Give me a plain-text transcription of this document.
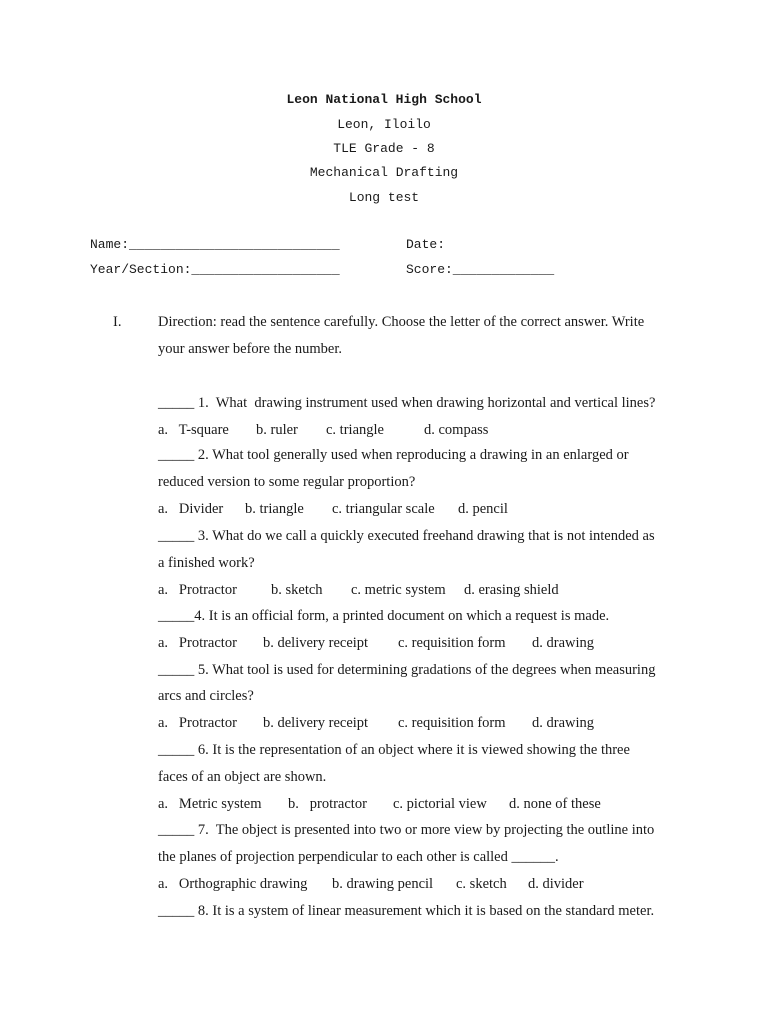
Leon National High School
Leon, Iloilo
TLE Grade - 8
Mechanical Drafting
Long test
Name:___________________________	Date:
Year/Section:___________________	Score:_____________
I.	Direction: read the sentence carefully. Choose the letter of the correct answer. Write
your answer before the number.
_____ 1.  What  drawing instrument used when drawing horizontal and vertical lines?

a.   T-square

b. ruler

c. triangle

	d. compass

_____ 2. What tool generally used when reproducing a drawing in an enlarged or
reduced version to some regular proportion?

a.   Divider

b. triangle

c. triangular scale

d. pencil

_____ 3. What do we call a quickly executed freehand drawing that is not intended as
a finished work?

a.   Protractor

b. sketch

c. metric system

d. erasing shield

_____4. It is an official form, a printed document on which a request is made.

a.   Protractor

b. delivery receipt

c. requisition form

d. drawing

_____ 5. What tool is used for determining gradations of the degrees when measuring
arcs and circles?

a.   Protractor

b. delivery receipt

c. requisition form

d. drawing

_____ 6. It is the representation of an object where it is viewed showing the three
faces of an object are shown.

a.   Metric system

b.   protractor

c. pictorial view

d. none of these

_____ 7.  The object is presented into two or more view by projecting the outline into
the planes of projection perpendicular to each other is called ______.

a.   Orthographic drawing

b. drawing pencil

c. sketch

d. divider

_____ 8. It is a system of linear measurement which it is based on the standard meter.
